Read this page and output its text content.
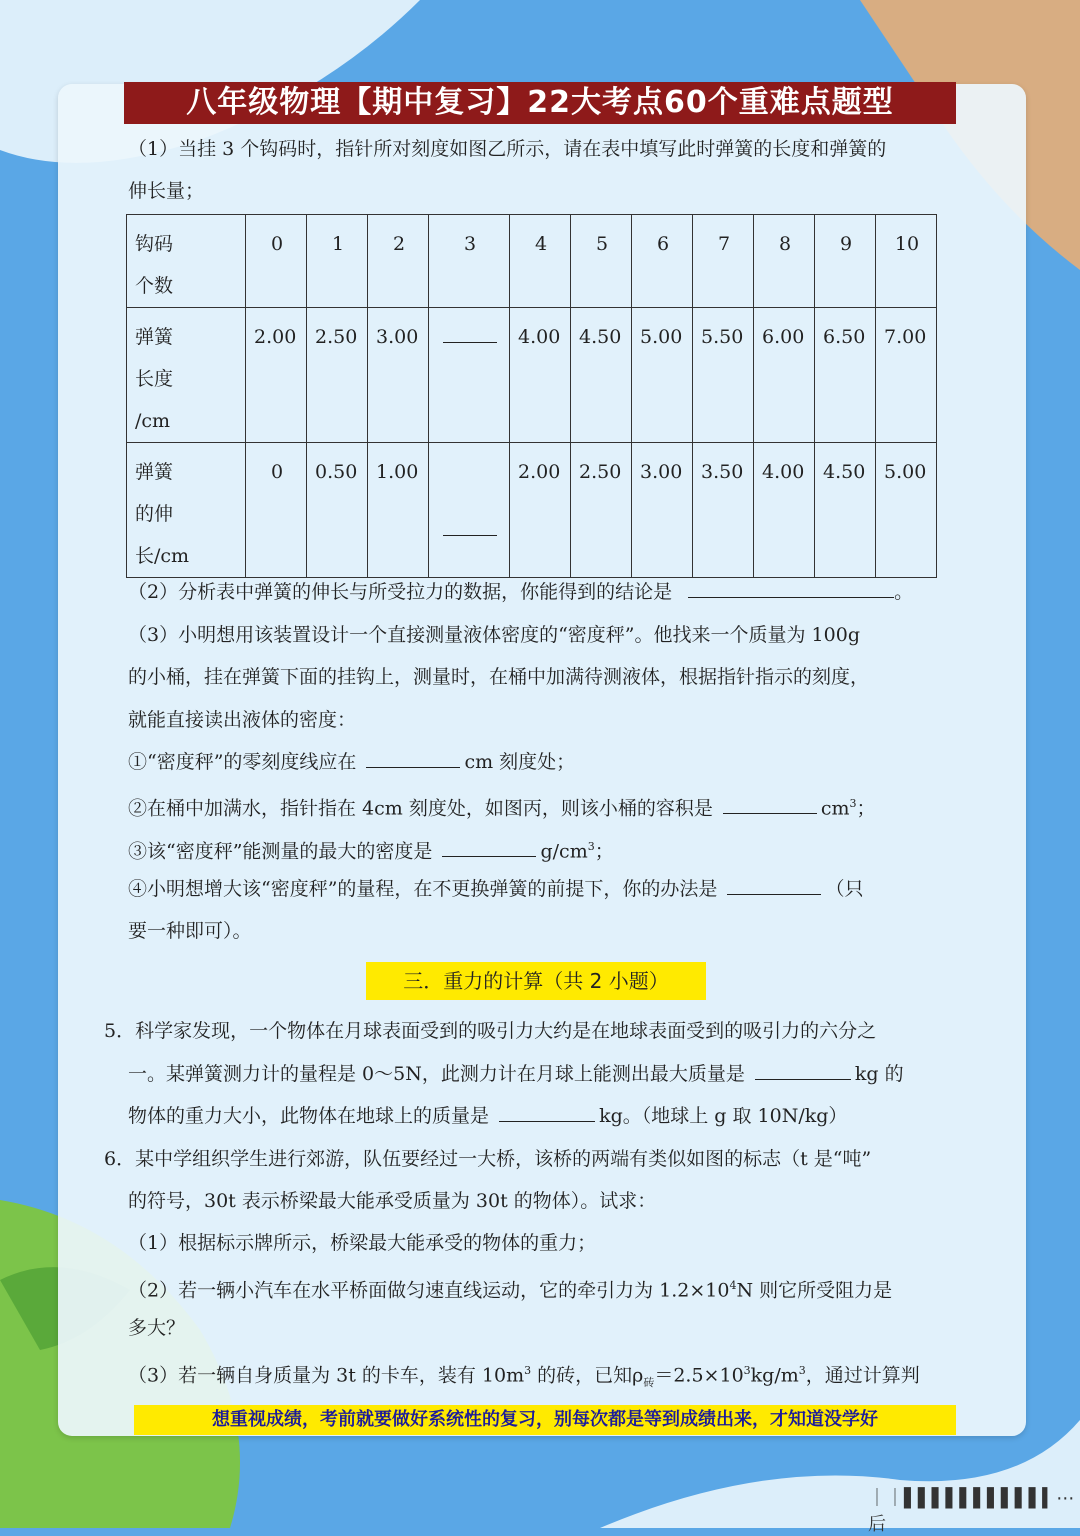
八年级物理【期中复习】22大考点60个重难点题型
（1）当挂 3 个钩码时，指针所对刻度如图乙所示，请在表中填写此时弹簧的长度和弹簧的
伸长量；
钩码
个数	0	1	2	3	4	5	6	7	8	9	10

弹簧
长度
/cm	2.00	2.50	3.00		4.00	4.50	5.00	5.50	6.00	6.50	7.00

弹簧
的伸
长/cm	0	0.50	1.00		2.00	2.50	3.00	3.50	4.00	4.50	5.00
（2）分析表中弹簧的伸长与所受拉力的数据，你能得到的结论是	。
（3）小明想用该装置设计一个直接测量液体密度的“密度秤”。他找来一个质量为 100g
的小桶，挂在弹簧下面的挂钩上，测量时，在桶中加满待测液体，根据指针指示的刻度，
就能直接读出液体的密度：
①“密度秤”的零刻度线应在	cm 刻度处；
②在桶中加满水，指针指在 4cm 刻度处，如图丙，则该小桶的容积是	$cm^3$；
③该“密度秤”能测量的最大的密度是	$g/cm^3$；
④小明想增大该“密度秤”的量程，在不更换弹簧的前提下，你的办法是	（只
要一种即可）。
三．重力的计算（共 2 小题）
5．科学家发现，一个物体在月球表面受到的吸引力大约是在地球表面受到的吸引力的六分之
一。某弹簧测力计的量程是 0～5N，此测力计在月球上能测出最大质量是	kg 的
物体的重力大小，此物体在地球上的质量是	kg。（地球上 g 取 10N/kg）
6．某中学组织学生进行郊游，队伍要经过一大桥，该桥的两端有类似如图的标志（t 是“吨”
的符号，30t 表示桥梁最大能承受质量为 30t 的物体）。试求：
（1）根据标示牌所示，桥梁最大能承受的物体的重力；
（2）若一辆小汽车在水平桥面做匀速直线运动，它的牵引力为 $1.2\times 10^4N$ 则它所受阻力是
多大？
（3）若一辆自身质量为 3t 的卡车，装有 $10m^3$ 的砖，已知$\rho_砖=2.5\times 10^3kg/m^3$，通过计算判
想重视成绩，考前就要做好系统性的复习，别每次都是等到成绩出来，才知道没学好
｜｜▌▌▌▌▌▌▌▌▌▌▍⋯后
